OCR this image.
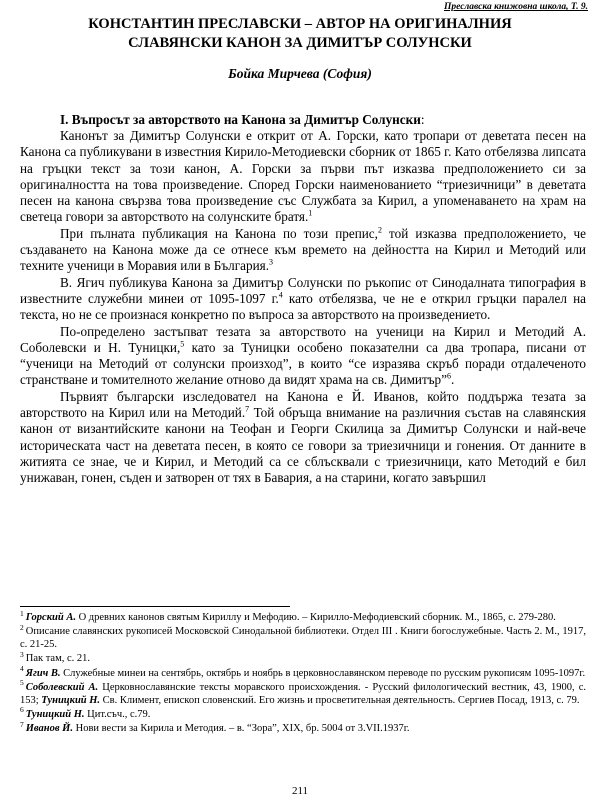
Преславска книжовна школа, Т. 9.
КОНСТАНТИН ПРЕСЛАВСКИ – АВТОР НА ОРИГИНАЛНИЯ
СЛАВЯНСКИ КАНОН ЗА ДИМИТЪР СОЛУНСКИ
Бойка Мирчева (София)
I. Въпросът за авторството на Канона за Димитър Солунски:

Канонът за Димитър Солунски е открит от А. Горски, като тропари от деветата песен на Канона са публикувани в известния Кирило-Методиевски сборник от 1865 г. Като отбелязва липсата на гръцки текст за този канон, А. Горски за първи път изказва предположението си за оригиналността на това произведение. Според Горски наименованието “триезичници” в деветата песен на канона свързва това произведение със Службата за Кирил, а упоменаването на храм на светеца говори за авторството на солунските братя.$^1$

При пълната публикация на Канона по този препис,$^2$ той изказва предположението, че създаването на Канона може да се отнесе към времето на дейността на Кирил и Методий или техните ученици в Моравия или в България.$^3$

В. Ягич публикува Канона за Димитър Солунски по ръкопис от Синодалната типография в известните служебни минеи от 1095-1097 г.$^4$ като отбелязва, че не е открил гръцки паралел на текста, но не се произнася конкретно по въпроса за авторството на произведението.

По-определено застъпват тезата за авторството на ученици на Кирил и Методий А. Соболевски и Н. Туницки,$^5$ като за Туницки особено показателни са два тропара, писани от “ученици на Методий от солунски произход”, в които “се изразява скръб поради отдалеченото странстване и томителното желание отново да видят храма на св. Димитър”$^6$.

Първият български изследовател на Канона е Й. Иванов, който поддържа тезата за авторството на Кирил или на Методий.$^7$ Той обръща внимание на различния състав на славянския канон от византийските канони на Теофан и Георги Скилица за Димитър Солунски и най-вече историческата част на деветата песен, в която се говори за триезичници и гонения. От данните в житията се знае, че и Кирил, и Методий са се сблъсквали с триезичници, като Методий е бил унижаван, гонен, съден и затворен от тях в Бавария, а на старини, когато завършил

$^1$ Горский А. О древних канонов святым Кириллу и Мефодию. – Кирилло-Мефодиевский сборник. М., 1865, с. 279-280.
$^2$ Описание славянских рукописей Московской Синодальной библиотеки. Отдел III . Книги богослужебные. Часть 2. М., 1917, с. 21-25.
$^3$ Пак там, с. 21.
$^4$ Ягич В. Служебные минеи на сентябрь, октябрь и ноябрь в церковнославянском переводе по русским рукописям 1095-1097г.
$^5$ Соболевский А. Церковнославянские тексты моравского происхождения. - Русский филологический вестник, 43, 1900, с. 153; Туницкий Н. Св. Климент, епископ словенский. Его жизнь и просветительная деятельность. Сергиев Посад, 1913, с. 79.
$^6$ Туницкий Н. Цит.съч., с.79.
$^7$ Иванов Й. Нови вести за Кирила и Методия. – в. “Зора”, XIX, бр. 5004 от 3.VII.1937г.
211
